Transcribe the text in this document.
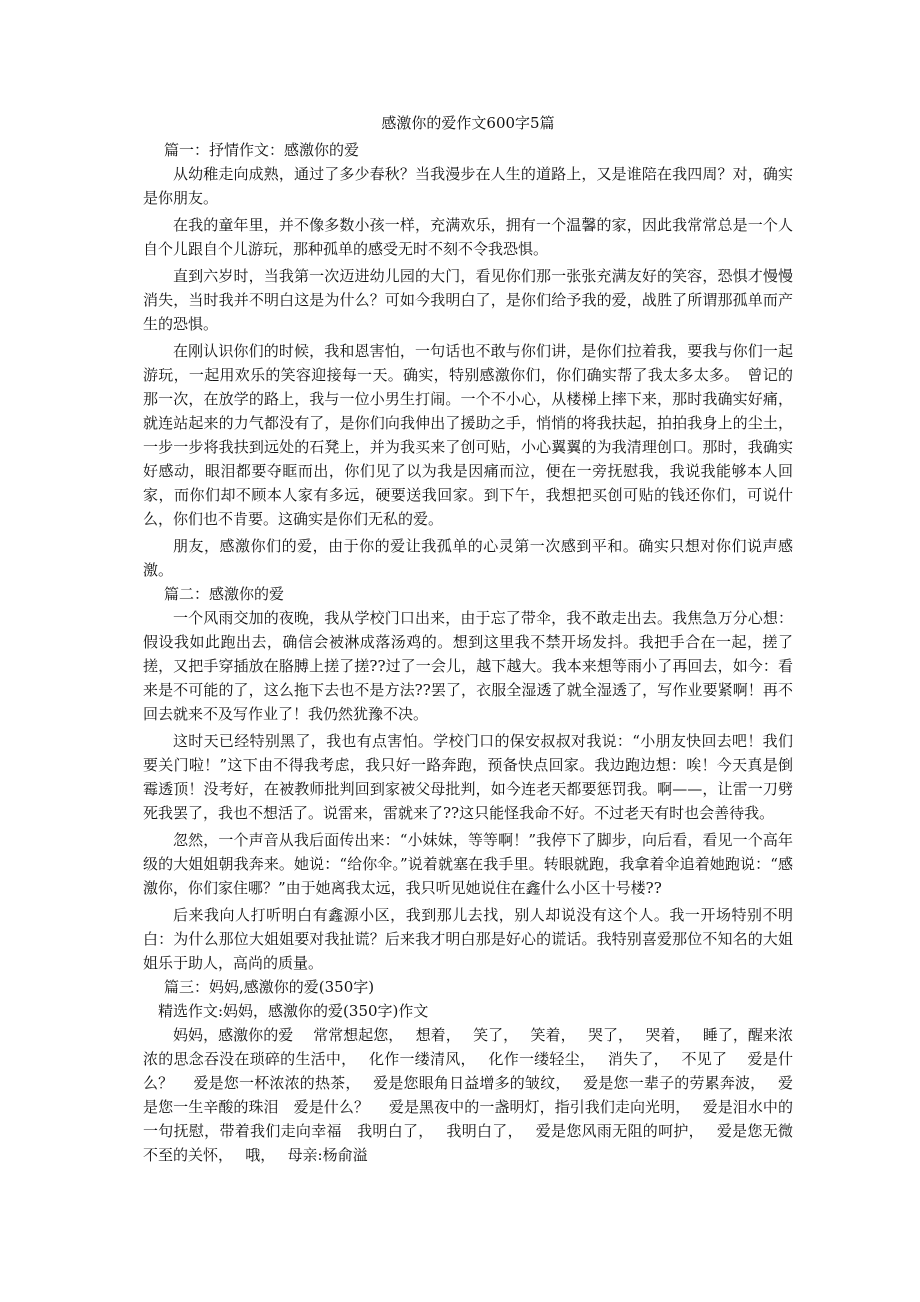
感激你的爱作文600字5篇
篇一：抒情作文：感激你的爱
从幼稚走向成熟，通过了多少春秋？当我漫步在人生的道路上，又是谁陪在我四周？对，确实是你朋友。
在我的童年里，并不像多数小孩一样，充满欢乐，拥有一个温馨的家，因此我常常总是一个人自个儿跟自个儿游玩，那种孤单的感受无时不刻不令我恐惧。
直到六岁时，当我第一次迈进幼儿园的大门，看见你们那一张张充满友好的笑容，恐惧才慢慢消失，当时我并不明白这是为什么？可如今我明白了，是你们给予我的爱，战胜了所谓那孤单而产生的恐惧。
在刚认识你们的时候，我和恩害怕，一句话也不敢与你们讲，是你们拉着我，要我与你们一起游玩，一起用欢乐的笑容迎接每一天。确实，特别感激你们，你们确实帮了我太多太多。　曾记的那一次，在放学的路上，我与一位小男生打闹。一个不小心，从楼梯上摔下来，那时我确实好痛，就连站起来的力气都没有了，是你们向我伸出了援助之手，悄悄的将我扶起，拍拍我身上的尘土，一步一步将我扶到远处的石凳上，并为我买来了创可贴，小心翼翼的为我清理创口。那时，我确实好感动，眼泪都要夺眶而出，你们见了以为我是因痛而泣，便在一旁抚慰我，我说我能够本人回家，而你们却不顾本人家有多远，硬要送我回家。到下午，我想把买创可贴的钱还你们，可说什么，你们也不肯要。这确实是你们无私的爱。
朋友，感激你们的爱，由于你的爱让我孤单的心灵第一次感到平和。确实只想对你们说声感激。
篇二：感激你的爱
一个风雨交加的夜晚，我从学校门口出来，由于忘了带伞，我不敢走出去。我焦急万分心想：假设我如此跑出去，确信会被淋成落汤鸡的。想到这里我不禁开场发抖。我把手合在一起，搓了搓，又把手穿插放在胳膊上搓了搓??过了一会儿，越下越大。我本来想等雨小了再回去，如今：看来是不可能的了，这么拖下去也不是方法??罢了，衣服全湿透了就全湿透了，写作业要紧啊！再不回去就来不及写作业了！我仍然犹豫不决。
这时天已经特别黑了，我也有点害怕。学校门口的保安叔叔对我说：“小朋友快回去吧！我们要关门啦！”这下由不得我考虑，我只好一路奔跑，预备快点回家。我边跑边想：唉！今天真是倒霉透顶！没考好，在被教师批判回到家被父母批判，如今连老天都要惩罚我。啊——，让雷一刀劈死我罢了，我也不想活了。说雷来，雷就来了??这只能怪我命不好。不过老天有时也会善待我。
忽然，一个声音从我后面传出来：“小妹妹，等等啊！”我停下了脚步，向后看，看见一个高年级的大姐姐朝我奔来。她说：“给你伞。”说着就塞在我手里。转眼就跑，我拿着伞追着她跑说：“感激你，你们家住哪？”由于她离我太远，我只听见她说住在鑫什么小区十号楼??
后来我向人打听明白有鑫源小区，我到那儿去找，别人却说没有这个人。我一开场特别不明白：为什么那位大姐姐要对我扯谎？后来我才明白那是好心的谎话。我特别喜爱那位不知名的大姐姐乐于助人，高尚的质量。
篇三：妈妈,感激你的爱(350字)
精选作文:妈妈，感激你的爱(350字)作文
妈妈，感激你的爱　 常常想起您，　 想着，　 笑了，　 笑着，　 哭了，　 哭着，　 睡了，醒来浓浓的思念吞没在琐碎的生活中，　 化作一缕清风，　 化作一缕轻尘，　 消失了，　 不见了　 爱是什么？　 爱是您一杯浓浓的热茶，　 爱是您眼角日益增多的皱纹，　 爱是您一辈子的劳累奔波，　 爱是您一生辛酸的珠泪　爱是什么？　 爱是黑夜中的一盏明灯，指引我们走向光明，　 爱是泪水中的一句抚慰，带着我们走向幸福　我明白了，　 我明白了，　 爱是您风雨无阻的呵护，　 爱是您无微不至的关怀，　 哦，　 母亲:杨俞溢
